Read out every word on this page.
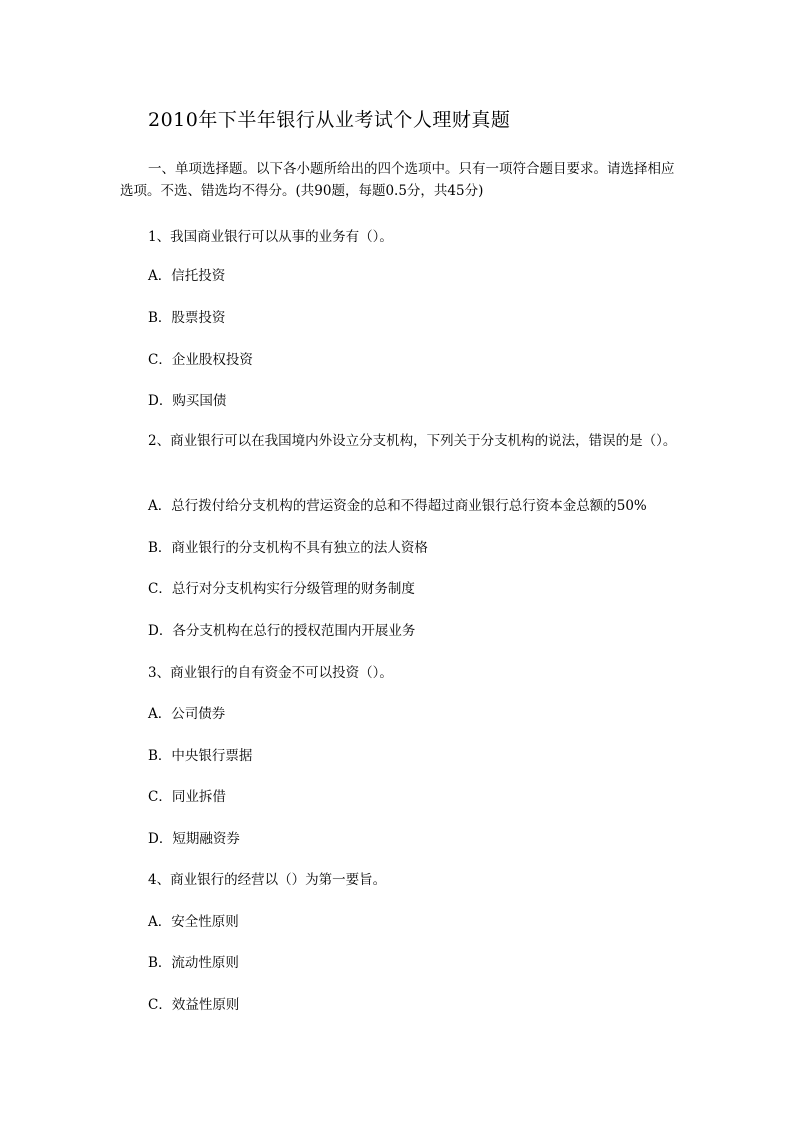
2010年下半年银行从业考试个人理财真题
一、单项选择题。以下各小题所给出的四个选项中。只有一项符合题目要求。请选择相应选项。不选、错选均不得分。(共90题，每题0.5分，共45分)
1、我国商业银行可以从事的业务有（）。
A．信托投资
B．股票投资
C．企业股权投资
D．购买国债
2、商业银行可以在我国境内外设立分支机构，下列关于分支机构的说法，错误的是（）。
A．总行拨付给分支机构的营运资金的总和不得超过商业银行总行资本金总额的50%
B．商业银行的分支机构不具有独立的法人资格
C．总行对分支机构实行分级管理的财务制度
D．各分支机构在总行的授权范围内开展业务
3、商业银行的自有资金不可以投资（）。
A．公司债券
B．中央银行票据
C．同业拆借
D．短期融资券
4、商业银行的经营以（）为第一要旨。
A．安全性原则
B．流动性原则
C．效益性原则
